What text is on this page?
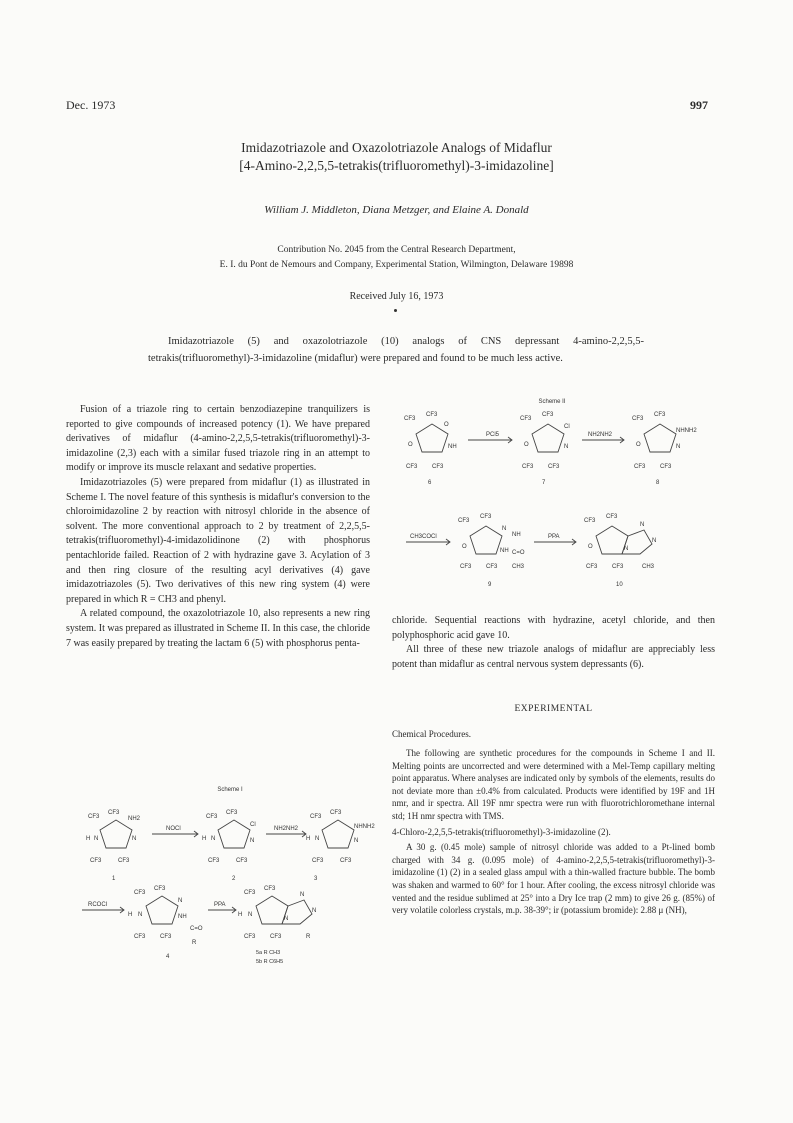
Dec. 1973	997
Imidazotriazole and Oxazolotriazole Analogs of Midaflur
[4-Amino-2,2,5,5-tetrakis(trifluoromethyl)-3-imidazoline]
William J. Middleton, Diana Metzger, and Elaine A. Donald
Contribution No. 2045 from the Central Research Department,
E. I. du Pont de Nemours and Company, Experimental Station, Wilmington, Delaware 19898
Received July 16, 1973

Imidazotriazole (5) and oxazolotriazole (10) analogs of CNS depressant 4-amino-2,2,5,5-tetrakis(trifluoromethyl)-3-imidazoline (midaflur) were prepared and found to be much less active.

Fusion of a triazole ring to certain benzodiazepine tranquilizers is reported to give compounds of increased potency (1). We have prepared derivatives of midaflur (4-amino-2,2,5,5-tetrakis(trifluoromethyl)-3-imidazoline (2,3) each with a similar fused triazole ring in an attempt to modify or improve its muscle relaxant and sedative properties.

Imidazotriazoles (5) were prepared from midaflur (1) as illustrated in Scheme I. The novel feature of this synthesis is midaflur's conversion to the chloroimidazoline 2 by reaction with nitrosyl chloride in the absence of solvent. The more conventional approach to 2 by treatment of 2,2,5,5-tetrakis(trifluoromethyl)-4-imidazolidinone (2) with phosphorus pentachloride failed. Reaction of 2 with hydrazine gave 3. Acylation of 3 and then ring closure of the resulting acyl derivatives (4) gave imidazotriazoles (5). Two derivatives of this new ring system (4) were prepared in which R = CH3 and phenyl.

A related compound, the oxazolotriazole 10, also represents a new ring system. It was prepared as illustrated in Scheme II. In this case, the chloride 7 was easily prepared by treating the lactam 6 (5) with phosphorus penta-

Scheme I
CF3
CF3
NH2
H N	N
CF3	CF3
1
NOCl
CF3
CF3
Cl
H N	N
CF3	CF3
2
NH2NH2
CF3
CF3
NHNH2
H N	N
CF3	CF3
3
RCOCl
CF3
CF3
N
H N	NH
C=O
R
CF3 CF3
4
PPA
CF3
CF3
N
N
H N
N
CF3 CF3	R
5a R CH3
5b R C6H5
Scheme II
CF3
CF3
O
O	NH
CF3 CF3
6
PCl5
CF3
CF3
Cl
O	N
CF3 CF3
7
NH2NH2
CF3
CF3
NHNH2
O	N
CF3 CF3
8
CH3COCl
CF3
CF3
N
NH
O
NH C=O
CH3
CF3 CF3
9
PPA
CF3
CF3
N
N
O	N
CF3 CF3	CH3
10

chloride. Sequential reactions with hydrazine, acetyl chloride, and then polyphosphoric acid gave 10.

All three of these new triazole analogs of midaflur are appreciably less potent than midaflur as central nervous system depressants (6).

EXPERIMENTAL
Chemical Procedures.

The following are synthetic procedures for the compounds in Scheme I and II. Melting points are uncorrected and were determined with a Mel-Temp capillary melting point apparatus. Where analyses are indicated only by symbols of the elements, results do not deviate more than ±0.4% from calculated. Products were identified by 19F and 1H nmr, and ir spectra. All 19F nmr spectra were run with fluorotrichloromethane internal std; 1H nmr spectra with TMS.

4-Chloro-2,2,5,5-tetrakis(trifluoromethyl)-3-imidazoline (2).

A 30 g. (0.45 mole) sample of nitrosyl chloride was added to a Pt-lined bomb charged with 34 g. (0.095 mole) of 4-amino-2,2,5,5-tetrakis(trifluoromethyl)-3-imidazoline (1) (2) in a sealed glass ampul with a thin-walled fracture bubble. The bomb was shaken and warmed to 60° for 1 hour. After cooling, the excess nitrosyl chloride was vented and the residue sublimed at 25° into a Dry Ice trap (2 mm) to give 26 g. (85%) of very volatile colorless crystals, m.p. 38-39°; ir (potassium bromide): 2.88 μ (NH),
